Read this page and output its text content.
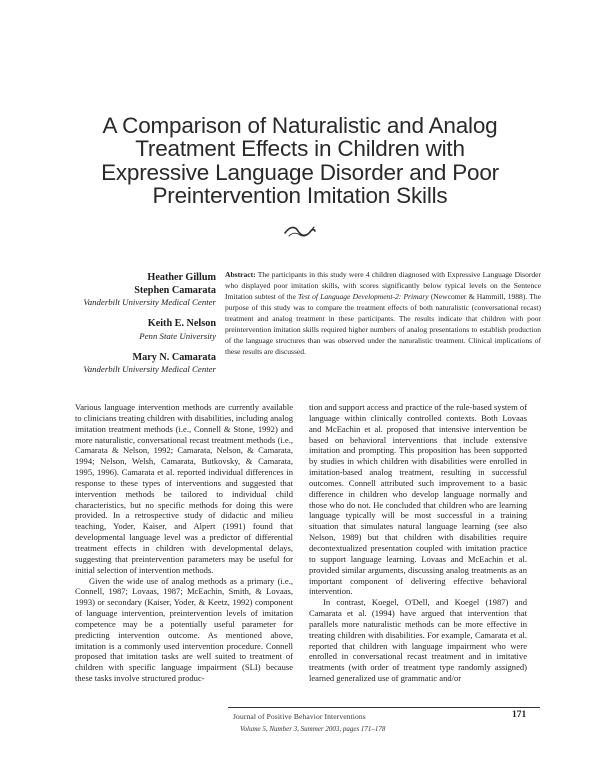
A Comparison of Naturalistic and Analog
Treatment Effects in Children with
Expressive Language Disorder and Poor
Preintervention Imitation Skills
Heather Gillum
Stephen Camarata
Vanderbilt University Medical Center
Keith E. Nelson
Penn State University
Mary N. Camarata
Vanderbilt University Medical Center
Abstract: The participants in this study were 4 children diagnosed with Expressive Language Disorder who displayed poor imitation skills, with scores significantly below typical levels on the Sentence Imitation subtest of the Test of Language Development-2: Primary (Newcomer & Hammill, 1988). The purpose of this study was to compare the treatment effects of both naturalistic (conversational recast) treatment and analog treatment in these participants. The results indicate that children with poor preintervention imitation skills required higher numbers of analog presentations to establish production of the language structures than was observed under the naturalistic treatment. Clinical implications of these results are discussed.

Various language intervention methods are currently available to clinicians treating children with disabilities, including analog imitation treatment methods (i.e., Connell & Stone, 1992) and more naturalistic, conversational recast treatment methods (i.e., Camarata & Nelson, 1992; Camarata, Nelson, & Camarata, 1994; Nelson, Welsh, Camarata, Butkovsky, & Camarata, 1995, 1996). Camarata et al. reported individual differences in response to these types of interventions and suggested that intervention methods be tailored to individual child characteristics, but no specific methods for doing this were provided. In a retrospective study of didactic and milieu teaching, Yoder, Kaiser, and Alpert (1991) found that developmental language level was a predictor of differential treatment effects in children with developmental delays, suggesting that preintervention parameters may be useful for initial selection of intervention methods.

Given the wide use of analog methods as a primary (i.e., Connell, 1987; Lovaas, 1987; McEachin, Smith, & Lovaas, 1993) or secondary (Kaiser, Yoder, & Keetz, 1992) component of language intervention, preintervention levels of imitation competence may be a potentially useful parameter for predicting intervention outcome. As mentioned above, imitation is a commonly used intervention procedure. Connell proposed that imitation tasks are well suited to treatment of children with specific language impairment (SLI) because these tasks involve structured produc-

tion and support access and practice of the rule-based system of language within clinically controlled contexts. Both Lovaas and McEachin et al. proposed that intensive intervention be based on behavioral interventions that include extensive imitation and prompting. This proposition has been supported by studies in which children with disabilities were enrolled in imitation-based analog treatment, resulting in successful outcomes. Connell attributed such improvement to a basic difference in children who develop language normally and those who do not. He concluded that children who are learning language typically will be most successful in a training situation that simulates natural language learning (see also Nelson, 1989) but that children with disabilities require decontextualized presentation coupled with imitation practice to support language learning. Lovaas and McEachin et al. provided similar arguments, discussing analog treatments as an important component of delivering effective behavioral intervention.

In contrast, Koegel, O'Dell, and Koegel (1987) and Camarata et al. (1994) have argued that intervention that parallels more naturalistic methods can be more effective in treating children with disabilities. For example, Camarata et al. reported that children with language impairment who were enrolled in conversational recast treatment and in imitative treatments (with order of treatment type randomly assigned) learned generalized use of grammatic and/or

Journal of Positive Behavior Interventions	171
Volume 5, Number 3, Summer 2003, pages 171–178
